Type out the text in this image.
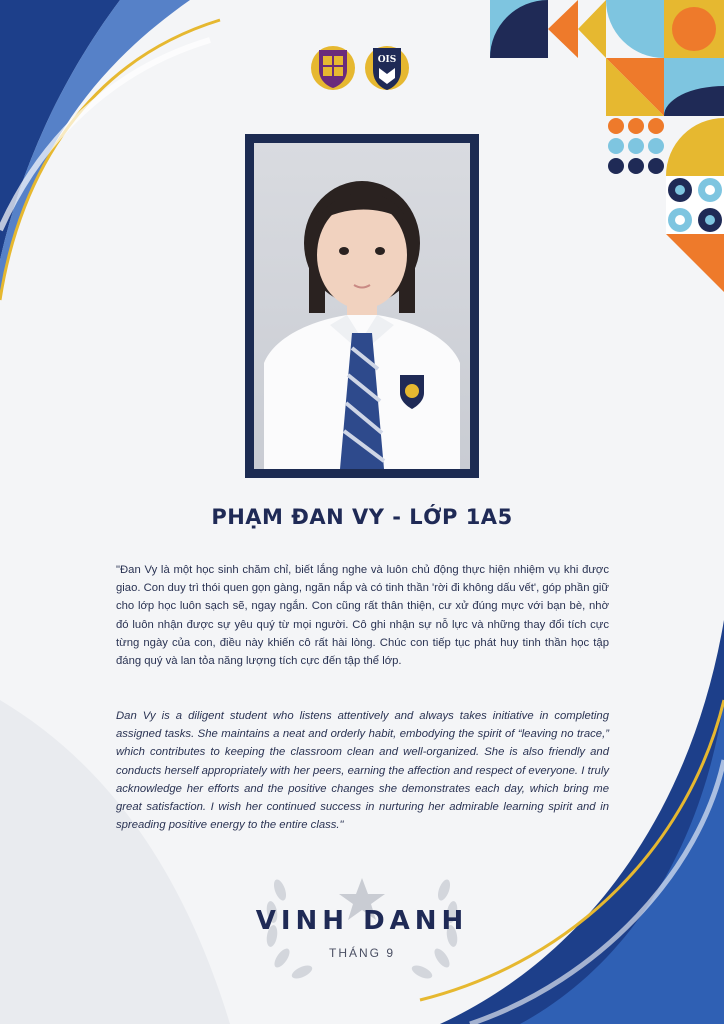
OIS
PHẠM ĐAN VY - LỚP 1A5

"Đan Vy là một học sinh chăm chỉ, biết lắng nghe và luôn chủ động thực hiện nhiệm vụ khi được giao. Con duy trì thói quen gọn gàng, ngăn nắp và có tinh thần 'rời đi không dấu vết', góp phần giữ cho lớp học luôn sạch sẽ, ngay ngắn. Con cũng rất thân thiện, cư xử đúng mực với bạn bè, nhờ đó luôn nhận được sự yêu quý từ mọi người. Cô ghi nhận sự nỗ lực và những thay đổi tích cực từng ngày của con, điều này khiến cô rất hài lòng. Chúc con tiếp tục phát huy tinh thần học tập đáng quý và lan tỏa năng lượng tích cực đến tập thể lớp.

Dan Vy is a diligent student who listens attentively and always takes initiative in completing assigned tasks. She maintains a neat and orderly habit, embodying the spirit of “leaving no trace,” which contributes to keeping the classroom clean and well-organized. She is also friendly and conducts herself appropriately with her peers, earning the affection and respect of everyone. I truly acknowledge her efforts and the positive changes she demonstrates each day, which bring me great satisfaction. I wish her continued success in nurturing her admirable learning spirit and in spreading positive energy to the entire class."

VINH DANH

THÁNG 9
